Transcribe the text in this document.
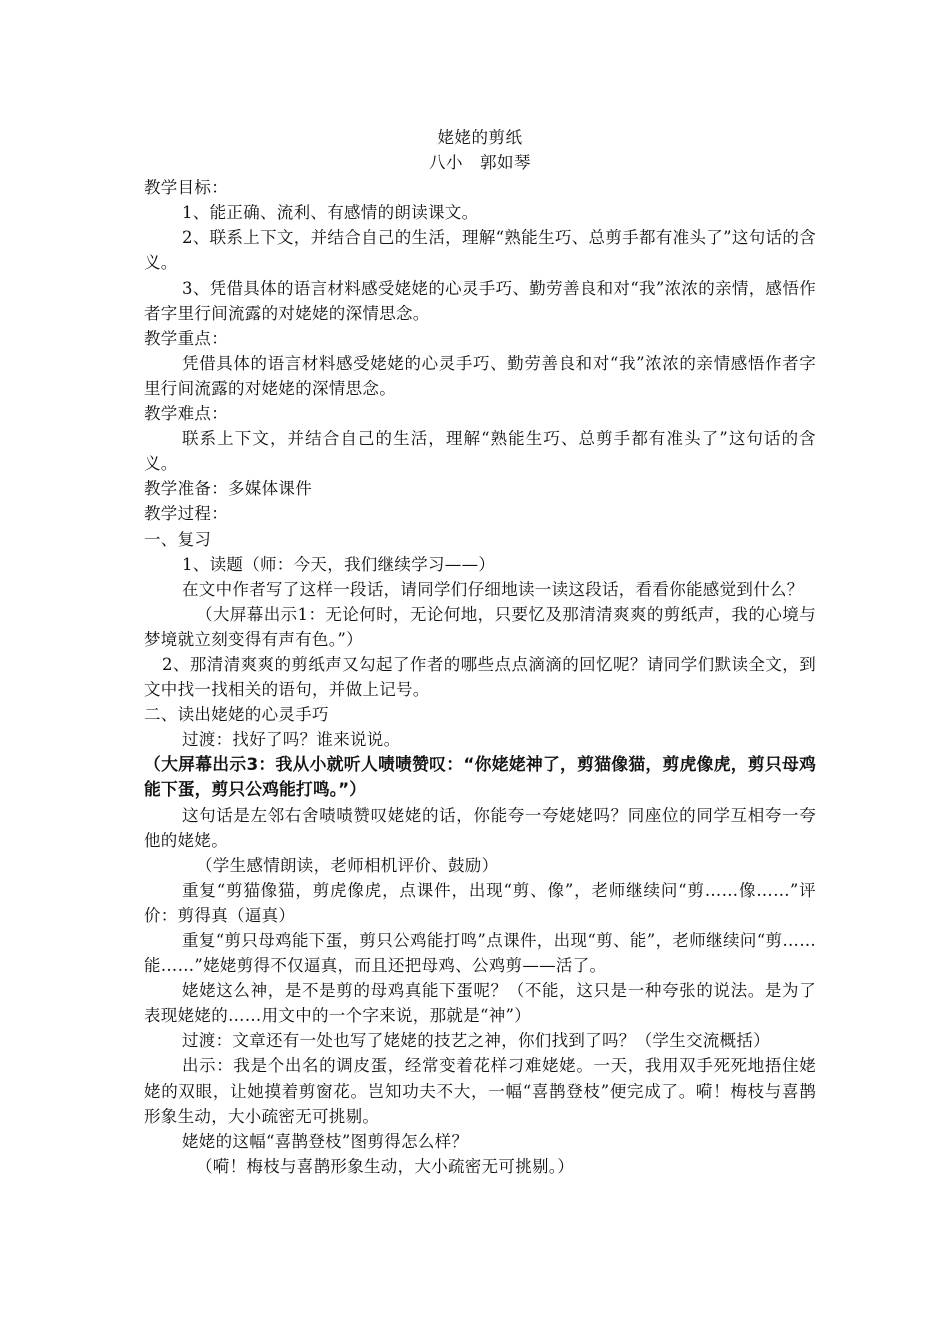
姥姥的剪纸

八小　郭如琴

教学目标：

1、能正确、流利、有感情的朗读课文。

2、联系上下文，并结合自己的生活，理解“熟能生巧、总剪手都有准头了”这句话的含义。

3、凭借具体的语言材料感受姥姥的心灵手巧、勤劳善良和对“我”浓浓的亲情，感悟作者字里行间流露的对姥姥的深情思念。

教学重点：

凭借具体的语言材料感受姥姥的心灵手巧、勤劳善良和对“我”浓浓的亲情感悟作者字里行间流露的对姥姥的深情思念。

教学难点：

联系上下文，并结合自己的生活，理解“熟能生巧、总剪手都有准头了”这句话的含义。

教学准备：多媒体课件

教学过程：

一、复习

1、读题（师：今天，我们继续学习——）

在文中作者写了这样一段话，请同学们仔细地读一读这段话，看看你能感觉到什么？

（大屏幕出示1：无论何时，无论何地，只要忆及那清清爽爽的剪纸声，我的心境与梦境就立刻变得有声有色。”）

2、那清清爽爽的剪纸声又勾起了作者的哪些点点滴滴的回忆呢？请同学们默读全文，到文中找一找相关的语句，并做上记号。

二、读出姥姥的心灵手巧

过渡：找好了吗？谁来说说。

（大屏幕出示3：我从小就听人啧啧赞叹：“你姥姥神了，剪猫像猫，剪虎像虎，剪只母鸡能下蛋，剪只公鸡能打鸣。”）

这句话是左邻右舍啧啧赞叹姥姥的话，你能夸一夸姥姥吗？同座位的同学互相夸一夸他的姥姥。

（学生感情朗读，老师相机评价、鼓励）

重复“剪猫像猫，剪虎像虎，点课件，出现“剪、像”，老师继续问“剪……像……”评价：剪得真（逼真）

重复“剪只母鸡能下蛋，剪只公鸡能打鸣”点课件，出现“剪、能”，老师继续问“剪……能……”姥姥剪得不仅逼真，而且还把母鸡、公鸡剪——活了。

姥姥这么神，是不是剪的母鸡真能下蛋呢？（不能，这只是一种夸张的说法。是为了表现姥姥的……用文中的一个字来说，那就是“神”）

过渡：文章还有一处也写了姥姥的技艺之神，你们找到了吗？（学生交流概括）

出示：我是个出名的调皮蛋，经常变着花样刁难姥姥。一天，我用双手死死地捂住姥姥的双眼，让她摸着剪窗花。岂知功夫不大，一幅“喜鹊登枝”便完成了。嗬！梅枝与喜鹊形象生动，大小疏密无可挑剔。

姥姥的这幅“喜鹊登枝”图剪得怎么样？

（嗬！梅枝与喜鹊形象生动，大小疏密无可挑剔。）
